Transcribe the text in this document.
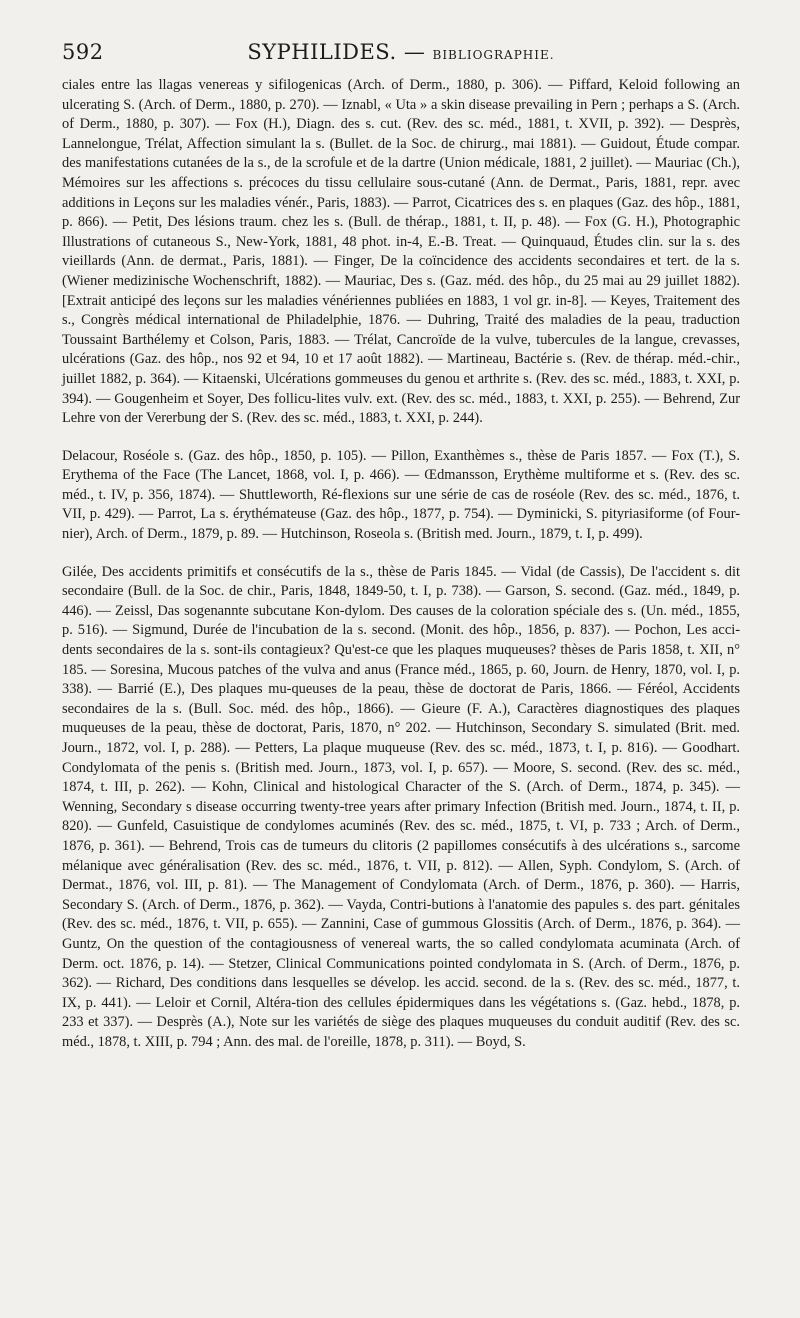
592	SYPHILIDES. — BIBLIOGRAPHIE.

ciales entre las llagas venereas y sifilogenicas (Arch. of Derm., 1880, p. 306). — Piffard, Keloid following an ulcerating S. (Arch. of Derm., 1880, p. 270). — Iznabl, « Uta » a skin disease prevailing in Pern ; perhaps a S. (Arch. of Derm., 1880, p. 307). — Fox (H.), Diagn. des s. cut. (Rev. des sc. méd., 1881, t. XVII, p. 392). — Desprès, Lannelongue, Trélat, Affection simulant la s. (Bullet. de la Soc. de chirurg., mai 1881). — Guidout, Étude compar. des manifestations cutanées de la s., de la scrofule et de la dartre (Union médicale, 1881, 2 juillet). — Mauriac (Ch.), Mémoires sur les affections s. précoces du tissu cellulaire sous-cutané (Ann. de Dermat., Paris, 1881, repr. avec additions in Leçons sur les maladies vénér., Paris, 1883). — Parrot, Cicatrices des s. en plaques (Gaz. des hôp., 1881, p. 866). — Petit, Des lésions traum. chez les s. (Bull. de thérap., 1881, t. II, p. 48). — Fox (G. H.), Photographic Illustrations of cutaneous S., New-York, 1881, 48 phot. in-4, E.-B. Treat. — Quinquaud, Études clin. sur la s. des vieillards (Ann. de dermat., Paris, 1881). — Finger, De la coïncidence des accidents secondaires et tert. de la s. (Wiener medizinische Wochenschrift, 1882). — Mauriac, Des s. (Gaz. méd. des hôp., du 25 mai au 29 juillet 1882). [Extrait anticipé des leçons sur les maladies vénériennes publiées en 1883, 1 vol gr. in-8]. — Keyes, Traitement des s., Congrès médical international de Philadelphie, 1876. — Duhring, Traité des maladies de la peau, traduction Toussaint Barthélemy et Colson, Paris, 1883. — Trélat, Cancroïde de la vulve, tubercules de la langue, crevasses, ulcérations (Gaz. des hôp., nos 92 et 94, 10 et 17 août 1882). — Martineau, Bactérie s. (Rev. de thérap. méd.-chir., juillet 1882, p. 364). — Kitaenski, Ulcérations gommeuses du genou et arthrite s. (Rev. des sc. méd., 1883, t. XXI, p. 394). — Gougenheim et Soyer, Des follicu-lites vulv. ext. (Rev. des sc. méd., 1883, t. XXI, p. 255). — Behrend, Zur Lehre von der Vererbung der S. (Rev. des sc. méd., 1883, t. XXI, p. 244).

Delacour, Roséole s. (Gaz. des hôp., 1850, p. 105). — Pillon, Exanthèmes s., thèse de Paris 1857. — Fox (T.), S. Erythema of the Face (The Lancet, 1868, vol. I, p. 466). — Œdmansson, Erythème multiforme et s. (Rev. des sc. méd., t. IV, p. 356, 1874). — Shuttleworth, Ré-flexions sur une série de cas de roséole (Rev. des sc. méd., 1876, t. VII, p. 429). — Parrot, La s. érythémateuse (Gaz. des hôp., 1877, p. 754). — Dyminicki, S. pityriasiforme (of Four-nier), Arch. of Derm., 1879, p. 89. — Hutchinson, Roseola s. (British med. Journ., 1879, t. I, p. 499).

Gilée, Des accidents primitifs et consécutifs de la s., thèse de Paris 1845. — Vidal (de Cassis), De l'accident s. dit secondaire (Bull. de la Soc. de chir., Paris, 1848, 1849-50, t. I, p. 738). — Garson, S. second. (Gaz. méd., 1849, p. 446). — Zeissl, Das sogenannte subcutane Kon-dylom. Des causes de la coloration spéciale des s. (Un. méd., 1855, p. 516). — Sigmund, Durée de l'incubation de la s. second. (Monit. des hôp., 1856, p. 837). — Pochon, Les acci-dents secondaires de la s. sont-ils contagieux? Qu'est-ce que les plaques muqueuses? thèses de Paris 1858, t. XII, n° 185. — Soresina, Mucous patches of the vulva and anus (France méd., 1865, p. 60, Journ. de Henry, 1870, vol. I, p. 338). — Barrié (E.), Des plaques mu-queuses de la peau, thèse de doctorat de Paris, 1866. — Féréol, Accidents secondaires de la s. (Bull. Soc. méd. des hôp., 1866). — Gieure (F. A.), Caractères diagnostiques des plaques muqueuses de la peau, thèse de doctorat, Paris, 1870, n° 202. — Hutchinson, Secondary S. simulated (Brit. med. Journ., 1872, vol. I, p. 288). — Petters, La plaque muqueuse (Rev. des sc. méd., 1873, t. I, p. 816). — Goodhart. Condylomata of the penis s. (British med. Journ., 1873, vol. I, p. 657). — Moore, S. second. (Rev. des sc. méd., 1874, t. III, p. 262). — Kohn, Clinical and histological Character of the S. (Arch. of Derm., 1874, p. 345). — Wenning, Secondary s disease occurring twenty-tree years after primary Infection (British med. Journ., 1874, t. II, p. 820). — Gunfeld, Casuistique de condylomes acuminés (Rev. des sc. méd., 1875, t. VI, p. 733 ; Arch. of Derm., 1876, p. 361). — Behrend, Trois cas de tumeurs du clitoris (2 papillomes consécutifs à des ulcérations s., sarcome mélanique avec généralisation (Rev. des sc. méd., 1876, t. VII, p. 812). — Allen, Syph. Condylom, S. (Arch. of Dermat., 1876, vol. III, p. 81). — The Management of Condylomata (Arch. of Derm., 1876, p. 360). — Harris, Secondary S. (Arch. of Derm., 1876, p. 362). — Vayda, Contri-butions à l'anatomie des papules s. des part. génitales (Rev. des sc. méd., 1876, t. VII, p. 655). — Zannini, Case of gummous Glossitis (Arch. of Derm., 1876, p. 364). — Guntz, On the question of the contagiousness of venereal warts, the so called condylomata acuminata (Arch. of Derm. oct. 1876, p. 14). — Stetzer, Clinical Communications pointed condylomata in S. (Arch. of Derm., 1876, p. 362). — Richard, Des conditions dans lesquelles se dévelop. les accid. second. de la s. (Rev. des sc. méd., 1877, t. IX, p. 441). — Leloir et Cornil, Altéra-tion des cellules épidermiques dans les végétations s. (Gaz. hebd., 1878, p. 233 et 337). — Desprès (A.), Note sur les variétés de siège des plaques muqueuses du conduit auditif (Rev. des sc. méd., 1878, t. XIII, p. 794 ; Ann. des mal. de l'oreille, 1878, p. 311). — Boyd, S.
